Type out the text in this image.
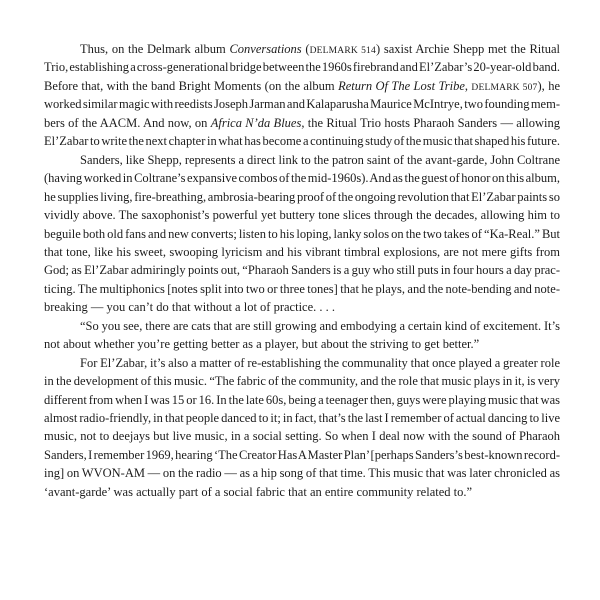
Thus, on the Delmark album Conversations (DELMARK 514) saxist Archie Shepp met the Ritual
Trio, establishing a cross-generational bridge between the 1960s firebrand and El’Zabar’s 20-year-old band.
Before that, with the band Bright Moments (on the album Return Of The Lost Tribe, DELMARK 507), he
worked similar magic with reedists Joseph Jarman and Kalaparusha Maurice McIntrye, two founding mem-
bers of the AACM. And now, on Africa N’da Blues, the Ritual Trio hosts Pharaoh Sanders — allowing
El’Zabar to write the next chapter in what has become a continuing study of the music that shaped his future.
Sanders, like Shepp, represents a direct link to the patron saint of the avant-garde, John Coltrane
(having worked in Coltrane’s expansive combos of the mid-1960s). And as the guest of honor on this album,
he supplies living, fire-breathing, ambrosia-bearing proof of the ongoing revolution that El’Zabar paints so
vividly above. The saxophonist’s powerful yet buttery tone slices through the decades, allowing him to
beguile both old fans and new converts; listen to his loping, lanky solos on the two takes of “Ka-Real.” But
that tone, like his sweet, swooping lyricism and his vibrant timbral explosions, are not mere gifts from
God; as El’Zabar admiringly points out, “Pharaoh Sanders is a guy who still puts in four hours a day prac-
ticing. The multiphonics [notes split into two or three tones] that he plays, and the note-bending and note-
breaking — you can’t do that without a lot of practice. . . .
“So you see, there are cats that are still growing and embodying a certain kind of excitement. It’s
not about whether you’re getting better as a player, but about the striving to get better.”
For El’Zabar, it’s also a matter of re-establishing the communality that once played a greater role
in the development of this music. “The fabric of the community, and the role that music plays in it, is very
different from when I was 15 or 16. In the late 60s, being a teenager then, guys were playing music that was
almost radio-friendly, in that people danced to it; in fact, that’s the last I remember of actual dancing to live
music, not to deejays but live music, in a social setting. So when I deal now with the sound of Pharaoh
Sanders, I remember 1969, hearing ‘The Creator Has A Master Plan’ [perhaps Sanders’s best-known record-
ing] on WVON-AM — on the radio — as a hip song of that time. This music that was later chronicled as
‘avant-garde’ was actually part of a social fabric that an entire community related to.”
